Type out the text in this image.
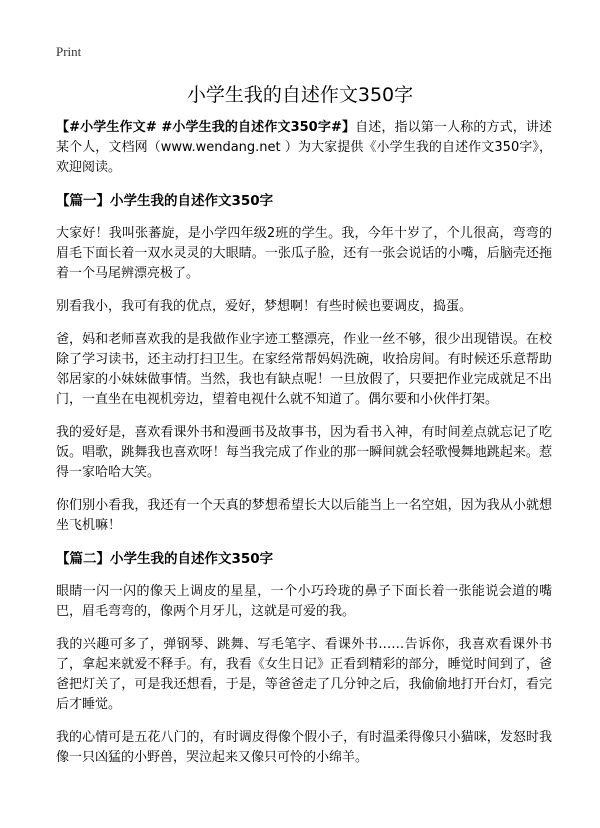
Print
小学生我的自述作文350字

【#小学生作文# #小学生我的自述作文350字#】自述，指以第一人称的方式，讲述某个人，文档网（www.wendang.net ）为大家提供《小学生我的自述作文350字》，欢迎阅读。

【篇一】小学生我的自述作文350字

大家好！我叫张蕃旋，是小学四年级2班的学生。我，今年十岁了，个儿很高，弯弯的眉毛下面长着一双水灵灵的大眼睛。一张瓜子脸，还有一张会说话的小嘴，后脑壳还拖着一个马尾辨漂亮极了。

别看我小，我可有我的优点，爱好，梦想啊！有些时候也要调皮，捣蛋。

爸，妈和老师喜欢我的是我做作业字迹工整漂亮，作业一丝不够，很少出现错误。在校除了学习读书，还主动打扫卫生。在家经常帮妈妈洗碗，收拾房间。有时候还乐意帮助邻居家的小妹妹做事情。当然，我也有缺点呢！一旦放假了，只要把作业完成就足不出门，一直坐在电视机旁边，望着电视什么就不知道了。偶尔要和小伙伴打架。

我的爱好是，喜欢看课外书和漫画书及故事书，因为看书入神，有时间差点就忘记了吃饭。唱歌，跳舞我也喜欢呀！每当我完成了作业的那一瞬间就会轻歌慢舞地跳起来。惹得一家哈哈大笑。

你们别小看我，我还有一个天真的梦想希望长大以后能当上一名空姐，因为我从小就想坐飞机嘛！

【篇二】小学生我的自述作文350字

眼睛一闪一闪的像天上调皮的星星，一个小巧玲珑的鼻子下面长着一张能说会道的嘴巴，眉毛弯弯的，像两个月牙儿，这就是可爱的我。

我的兴趣可多了，弹钢琴、跳舞、写毛笔字、看课外书……告诉你，我喜欢看课外书了，拿起来就爱不释手。有，我看《女生日记》正看到精彩的部分，睡觉时间到了，爸爸把灯关了，可是我还想看，于是，等爸爸走了几分钟之后，我偷偷地打开台灯，看完后才睡觉。

我的心情可是五花八门的，有时调皮得像个假小子，有时温柔得像只小猫咪，发怒时我像一只凶猛的小野兽，哭泣起来又像只可怜的小绵羊。
